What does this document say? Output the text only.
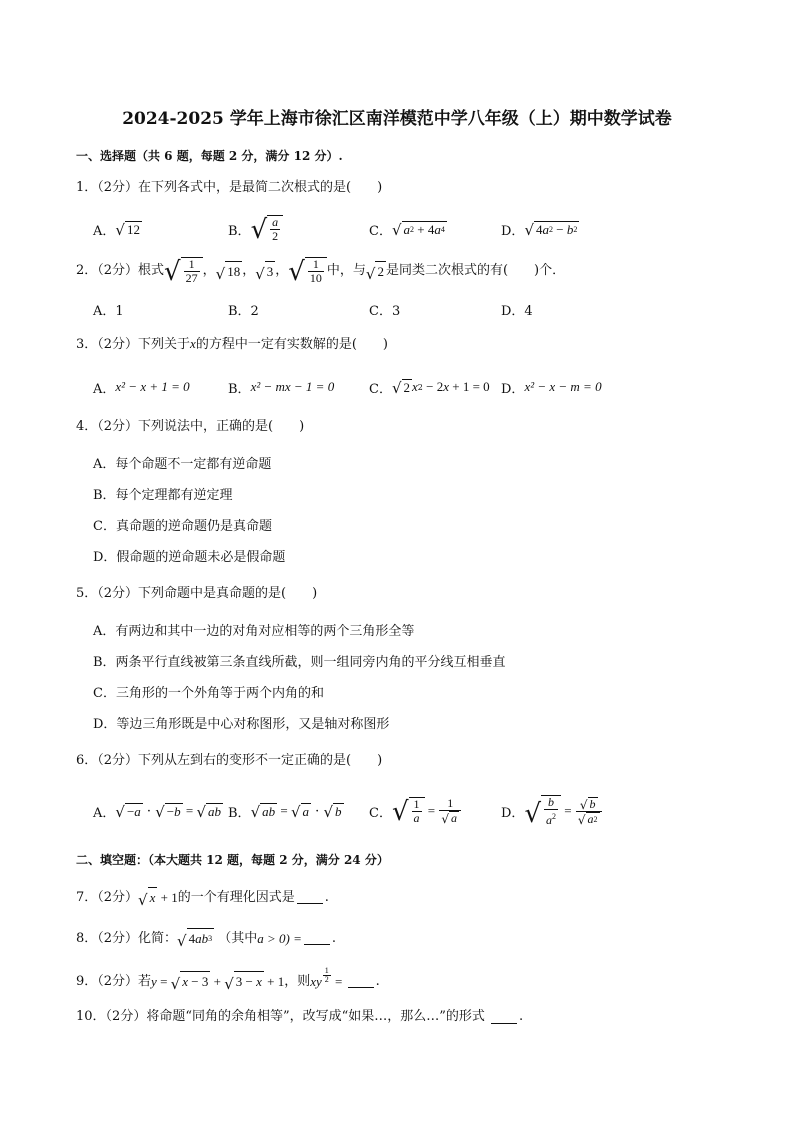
2024-2025 学年上海市徐汇区南洋模范中学八年级（上）期中数学试卷
一、选择题（共 6 题，每题 2 分，满分 12 分）.
1．（2分）在下列各式中，是最简二次根式的是(　　)
A． √ 12	B． √ $\frac{a}{2}$	C． √ a 2 + 4 a 4	D． √ 4 a 2 − b 2
2．（2分）根式 √ $\frac{1}{27}$ ， √ 18 ， √ 3 ， √ $\frac{1}{10}$ 中，与 √ 2 是同类二次根式的有(　　)个．
A．1	B．2	C．3	D．4
3．（2分）下列关于x的方程中一定有实数解的是(　　)
A． x² − x + 1 = 0	B． x² − mx − 1 = 0	C． √ 2 x 2 − 2 x + 1 = 0 D． x² − x − m = 0
4．（2分）下列说法中，正确的是(　　)
A．每个命题不一定都有逆命题
B．每个定理都有逆定理
C．真命题的逆命题仍是真命题
D．假命题的逆命题未必是假命题
5．（2分）下列命题中是真命题的是(　　)
A．有两边和其中一边的对角对应相等的两个三角形全等
B．两条平行直线被第三条直线所截，则一组同旁内角的平分线互相垂直
C．三角形的一个外角等于两个内角的和
D．等边三角形既是中心对称图形，又是轴对称图形
6．（2分）下列从左到右的变形不一定正确的是(　　)
A． √ − a · √ − b = √ ab B． √ ab = √ a · √ b C． √ $\frac{1}{a} = \frac{1}{√ a}$	D． √ $\frac{b}{a^2} = \frac{√ b}{√ a 2}$
二、填空题：（本大题共 12 题，每题 2 分，满分 24 分）
7．（2分） √ x + 1 的一个有理化因式是 .
8．（2分）化简： √ 4 ab 3
（其中 a > 0) = .
9．（2分）若 y = √ x − 3 + √ 3 − x + 1 ，则 xy $\frac{1}{2}$ = .
10．（2分）将命题“同角的余角相等”，改写成“如果…，那么…”的形式
	.
